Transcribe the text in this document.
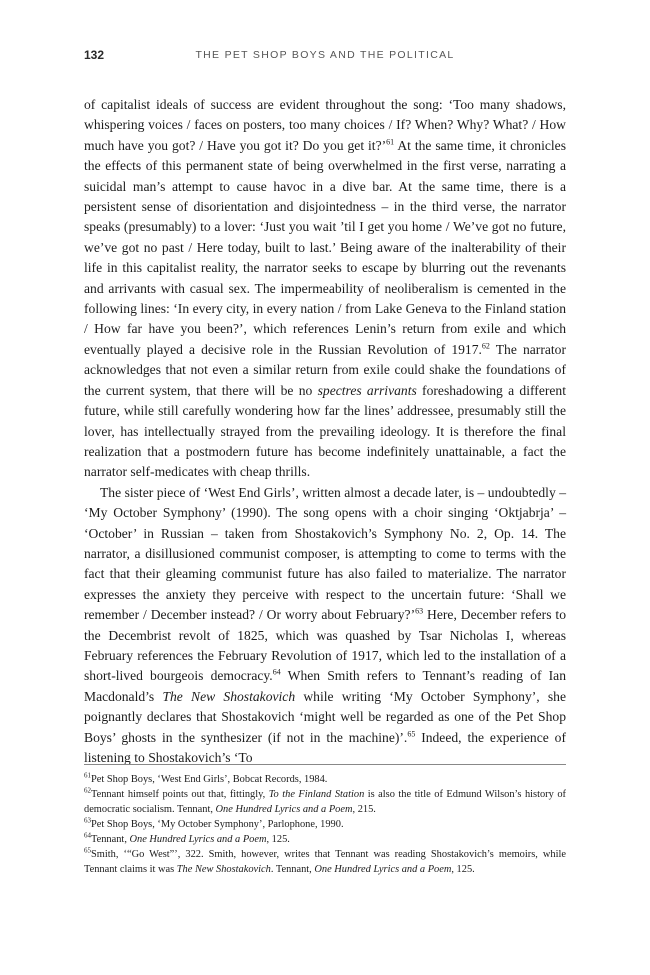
132	THE PET SHOP BOYS AND THE POLITICAL

of capitalist ideals of success are evident throughout the song: ‘Too many shadows, whispering voices / faces on posters, too many choices / If? When? Why? What? / How much have you got? / Have you got it? Do you get it?’$^{61}$ At the same time, it chronicles the effects of this permanent state of being overwhelmed in the first verse, narrating a suicidal man’s attempt to cause havoc in a dive bar. At the same time, there is a persistent sense of disorientation and disjointedness – in the third verse, the narrator speaks (presumably) to a lover: ‘Just you wait ’til I get you home / We’ve got no future, we’ve got no past / Here today, built to last.’ Being aware of the inalterability of their life in this capitalist reality, the narrator seeks to escape by blurring out the revenants and arrivants with casual sex. The impermeability of neoliberalism is cemented in the following lines: ‘In every city, in every nation / from Lake Geneva to the Finland station / How far have you been?’, which references Lenin’s return from exile and which eventually played a decisive role in the Russian Revolution of 1917.62 The narrator acknowledges that not even a similar return from exile could shake the foundations of the current system, that there will be no spectres arrivants foreshadowing a different future, while still carefully wondering how far the lines’ addressee, presumably still the lover, has intellectually strayed from the prevailing ideology. It is therefore the final realization that a postmodern future has become indefinitely unattainable, a fact the narrator self-medicates with cheap thrills.

The sister piece of ‘West End Girls’, written almost a decade later, is – undoubtedly – ‘My October Symphony’ (1990). The song opens with a choir singing ‘Oktjabrja’ – ‘October’ in Russian – taken from Shostakovich’s Symphony No. 2, Op. 14. The narrator, a disillusioned communist composer, is attempting to come to terms with the fact that their gleaming communist future has also failed to materialize. The narrator expresses the anxiety they perceive with respect to the uncertain future: ‘Shall we remember / December instead? / Or worry about February?’$^{63}$ Here, December refers to the Decembrist revolt of 1825, which was quashed by Tsar Nicholas I, whereas February references the February Revolution of 1917, which led to the installation of a short-lived bourgeois democracy.$^{64}$ When Smith refers to Tennant’s reading of Ian Macdonald’s The New Shostakovich while writing ‘My October Symphony’, she poignantly declares that Shostakovich ‘might well be regarded as one of the Pet Shop Boys’ ghosts in the synthesizer (if not in the machine)’.$^{65}$ Indeed, the experience of listening to Shostakovich’s ‘To

$^{61}$Pet Shop Boys, ‘West End Girls’, Bobcat Records, 1984.

$^{62}$Tennant himself points out that, fittingly, To the Finland Station is also the title of Edmund Wilson’s history of democratic socialism. Tennant, One Hundred Lyrics and a Poem, 215.

$^{63}$Pet Shop Boys, ‘My October Symphony’, Parlophone, 1990.

$^{64}$Tennant, One Hundred Lyrics and a Poem, 125.

$^{65}$Smith, ‘“Go West”’, 322. Smith, however, writes that Tennant was reading Shostakovich’s memoirs, while Tennant claims it was The New Shostakovich. Tennant, One Hundred Lyrics and a Poem, 125.
